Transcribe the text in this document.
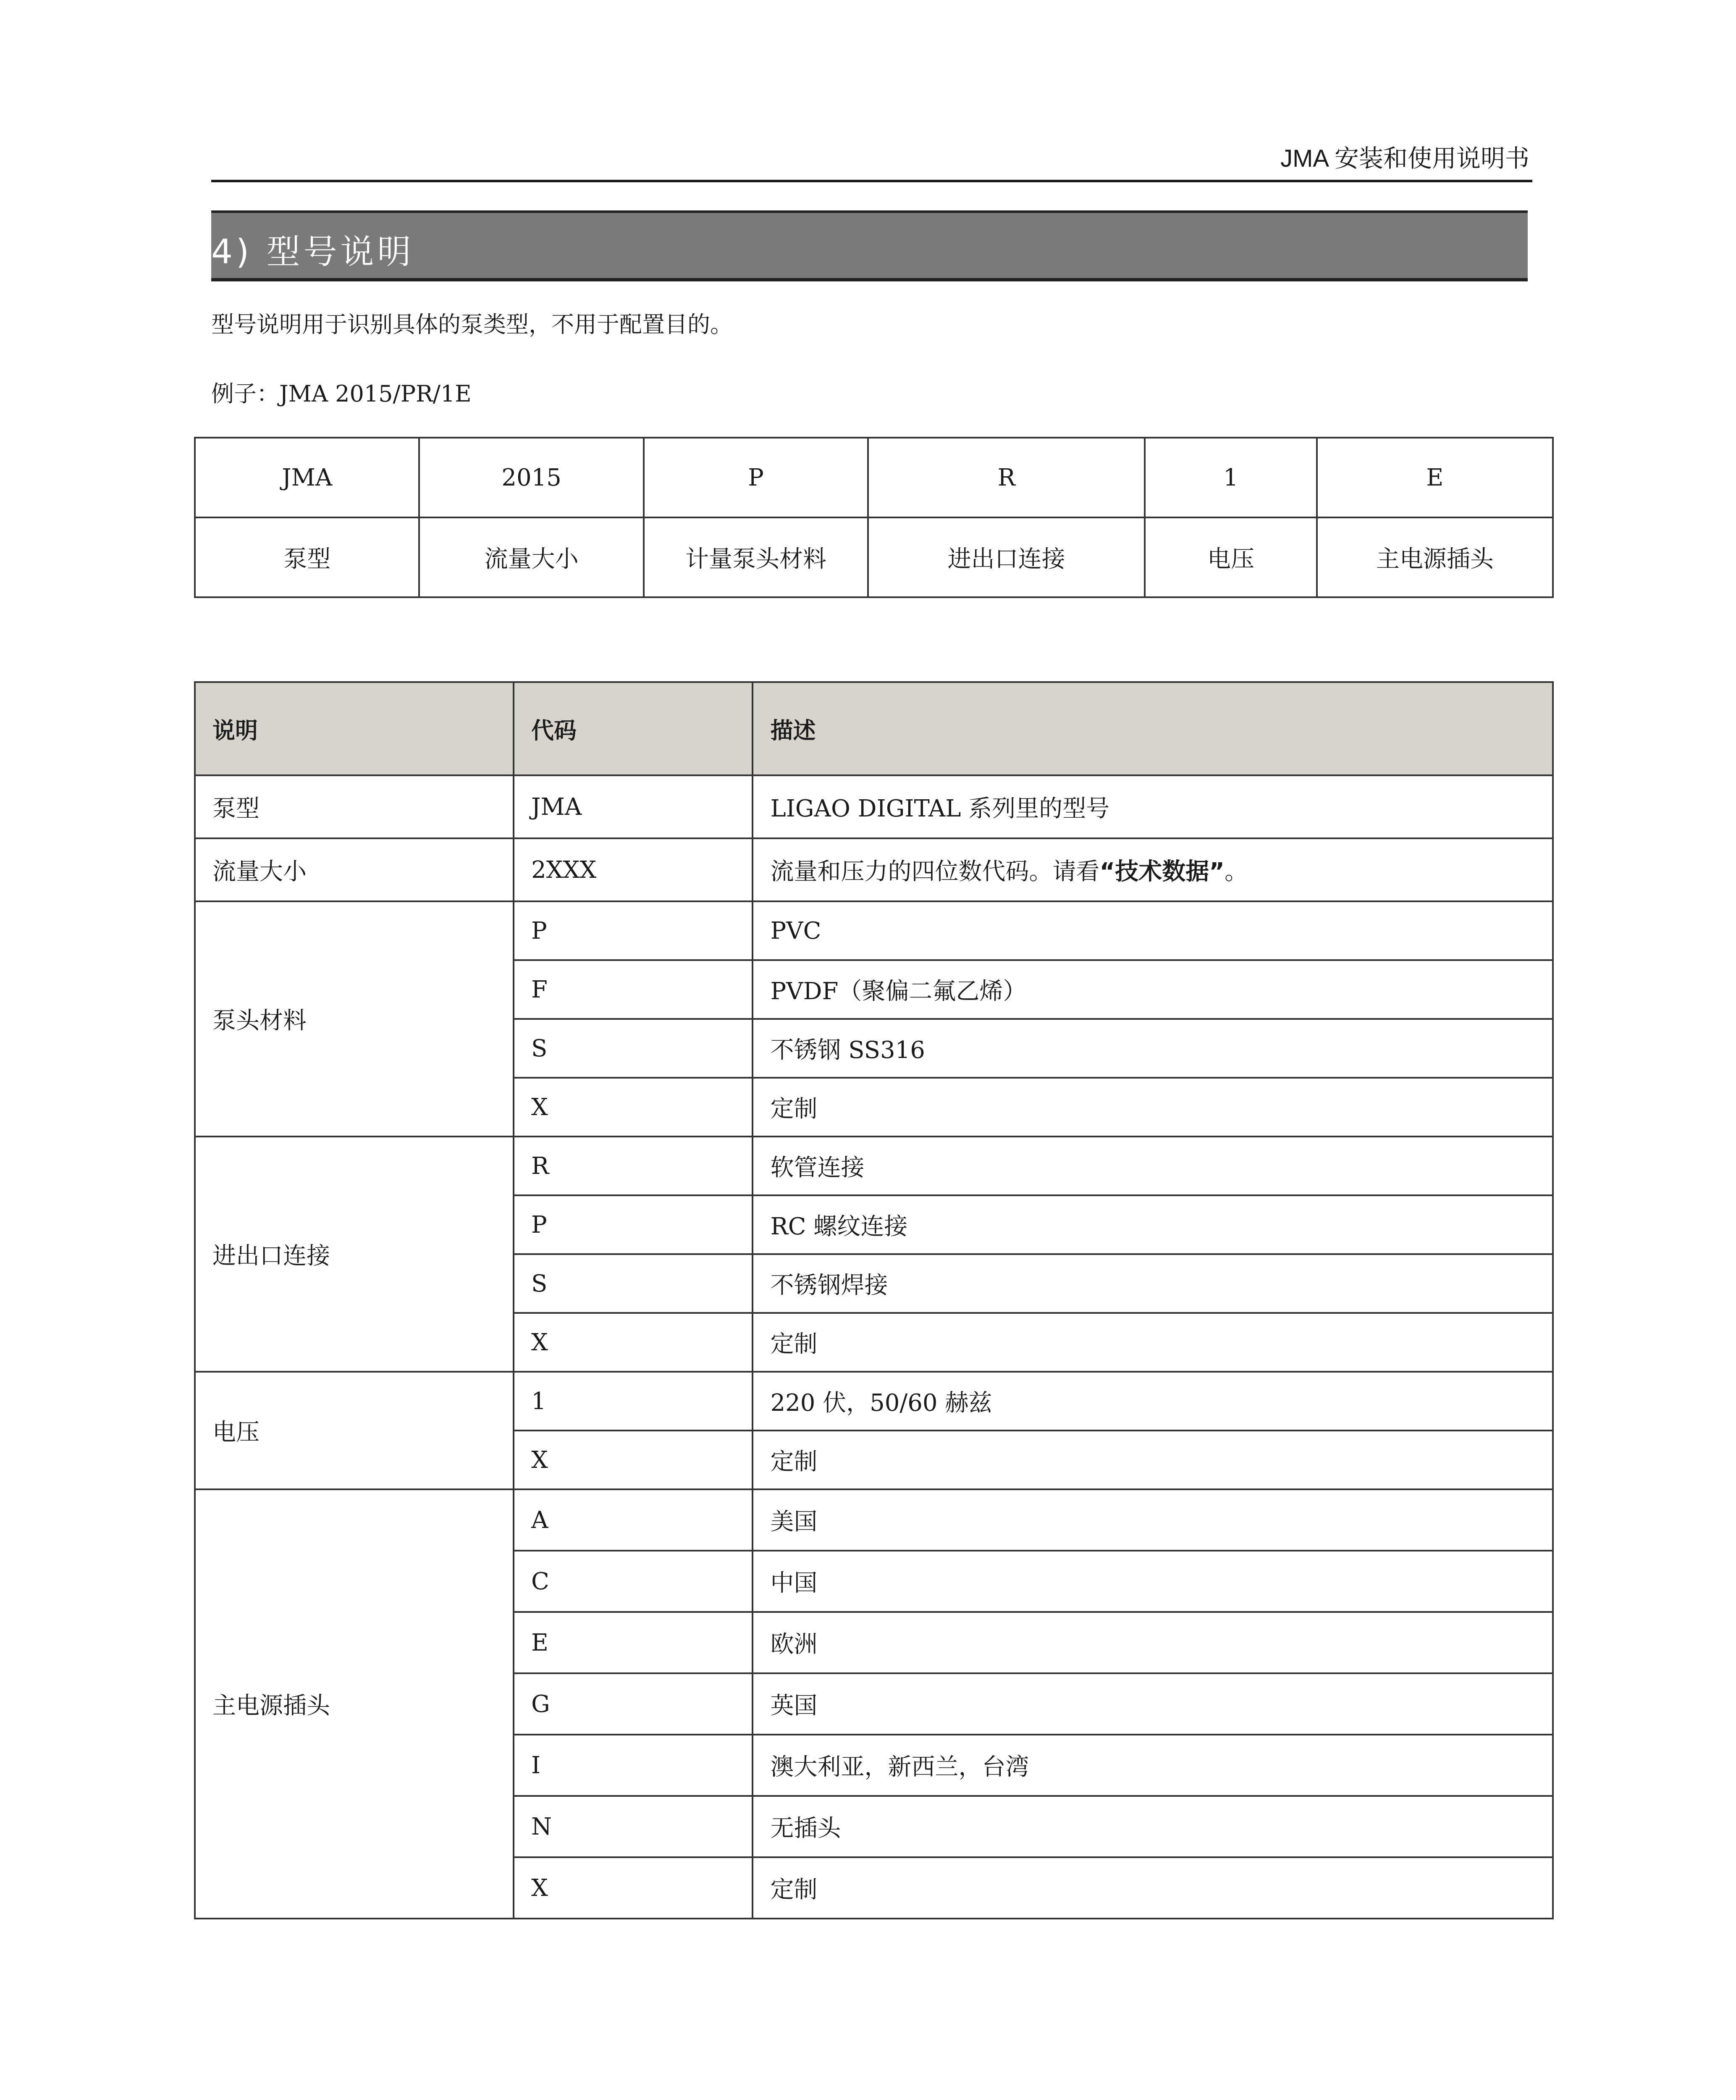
JMA 安装和使用说明书
4) 型号说明
型号说明用于识别具体的泵类型，不用于配置目的。
例子：JMA 2015/PR/1E
JMA	2015	P	R	1	E
泵型	流量大小	计量泵头材料	进出口连接	电压	主电源插头
说明	代码	描述
泵型	JMA	LIGAO DIGITAL 系列里的型号
流量大小	2XXX	流量和压力的四位数代码。请看“技术数据”。
泵头材料	P	PVC
	F	PVDF（聚偏二氟乙烯）
	S	不锈钢 SS316
	X	定制
进出口连接	R	软管连接
	P	RC 螺纹连接
	S	不锈钢焊接
	X	定制
电压	1	220 伏，50/60 赫兹
	X	定制
主电源插头	A	美国
	C	中国
	E	欧洲
	G	英国
	I	澳大利亚，新西兰，台湾
	N	无插头
	X	定制
